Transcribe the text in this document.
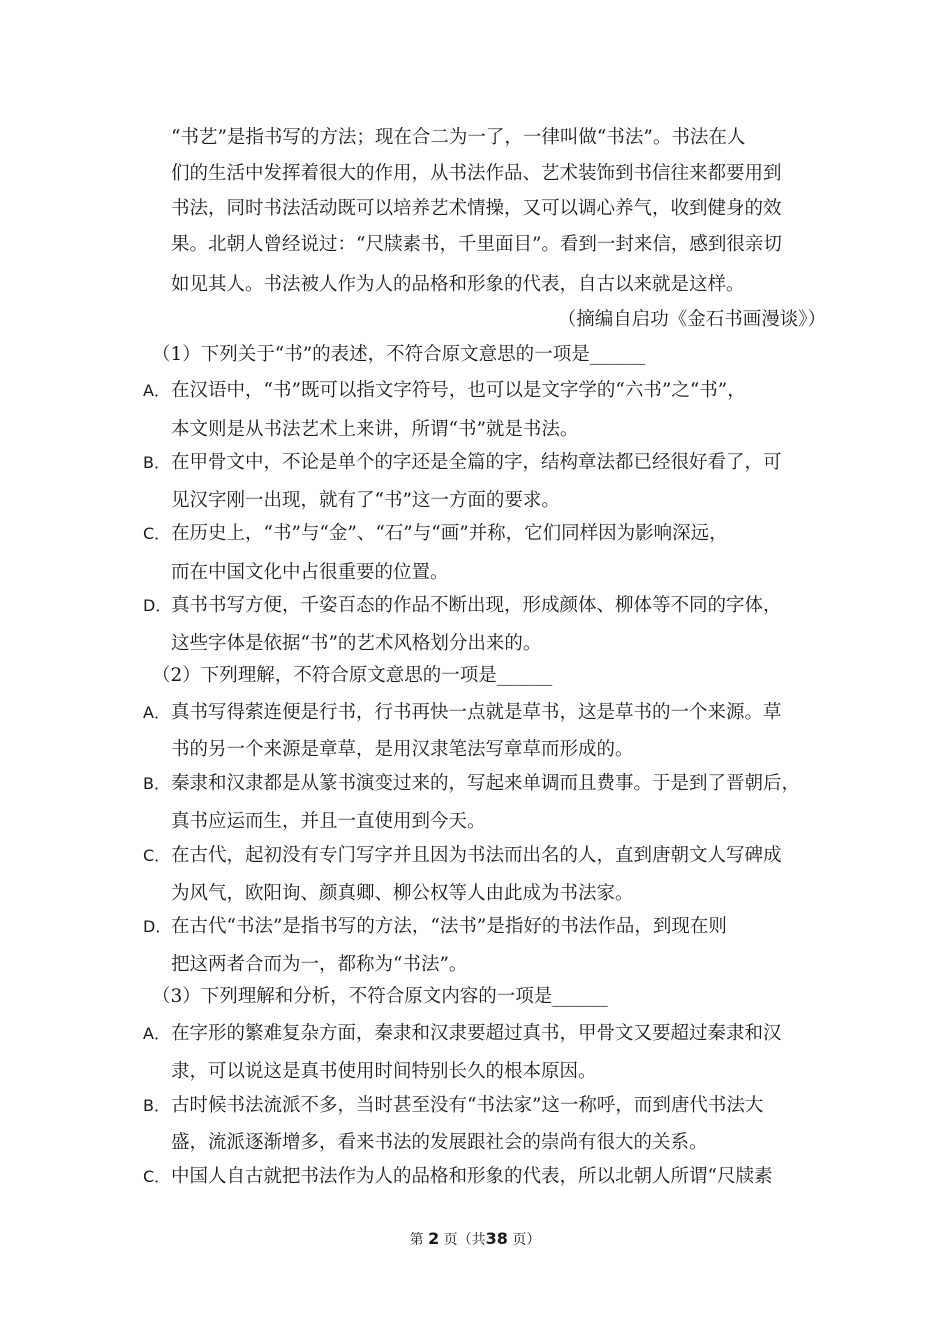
“书艺”是指书写的方法；现在合二为一了，一律叫做“书法”。书法在人
们的生活中发挥着很大的作用，从书法作品、艺术装饰到书信往来都要用到
书法，同时书法活动既可以培养艺术情操，又可以调心养气，收到健身的效
果。北朝人曾经说过：“尺牍素书，千里面目”。看到一封来信，感到很亲切
如见其人。书法被人作为人的品格和形象的代表，自古以来就是这样。
（摘编自启功《金石书画漫谈》）
（1）下列关于“书”的表述，不符合原文意思的一项是______
A．在汉语中，“书”既可以指文字符号，也可以是文字学的“六书”之“书”，
本文则是从书法艺术上来讲，所谓“书”就是书法。
B．在甲骨文中，不论是单个的字还是全篇的字，结构章法都已经很好看了，可
见汉字刚一出现，就有了“书”这一方面的要求。
C．在历史上，“书”与“金”、“石”与“画”并称，它们同样因为影响深远，
而在中国文化中占很重要的位置。
D．真书书写方便，千姿百态的作品不断出现，形成颜体、柳体等不同的字体，
这些字体是依据“书”的艺术风格划分出来的。
（2）下列理解，不符合原文意思的一项是______
A．真书写得萦连便是行书，行书再快一点就是草书，这是草书的一个来源。草
书的另一个来源是章草，是用汉隶笔法写章草而形成的。
B．秦隶和汉隶都是从篆书演变过来的，写起来单调而且费事。于是到了晋朝后，
真书应运而生，并且一直使用到今天。
C．在古代，起初没有专门写字并且因为书法而出名的人，直到唐朝文人写碑成
为风气，欧阳询、颜真卿、柳公权等人由此成为书法家。
D．在古代“书法”是指书写的方法，“法书”是指好的书法作品，到现在则
把这两者合而为一，都称为“书法”。
（3）下列理解和分析，不符合原文内容的一项是______
A．在字形的繁难复杂方面，秦隶和汉隶要超过真书，甲骨文又要超过秦隶和汉
隶，可以说这是真书使用时间特别长久的根本原因。
B．古时候书法流派不多，当时甚至没有“书法家”这一称呼，而到唐代书法大
盛，流派逐渐增多，看来书法的发展跟社会的崇尚有很大的关系。
C．中国人自古就把书法作为人的品格和形象的代表，所以北朝人所谓“尺牍素
第 2 页（共38 页）
